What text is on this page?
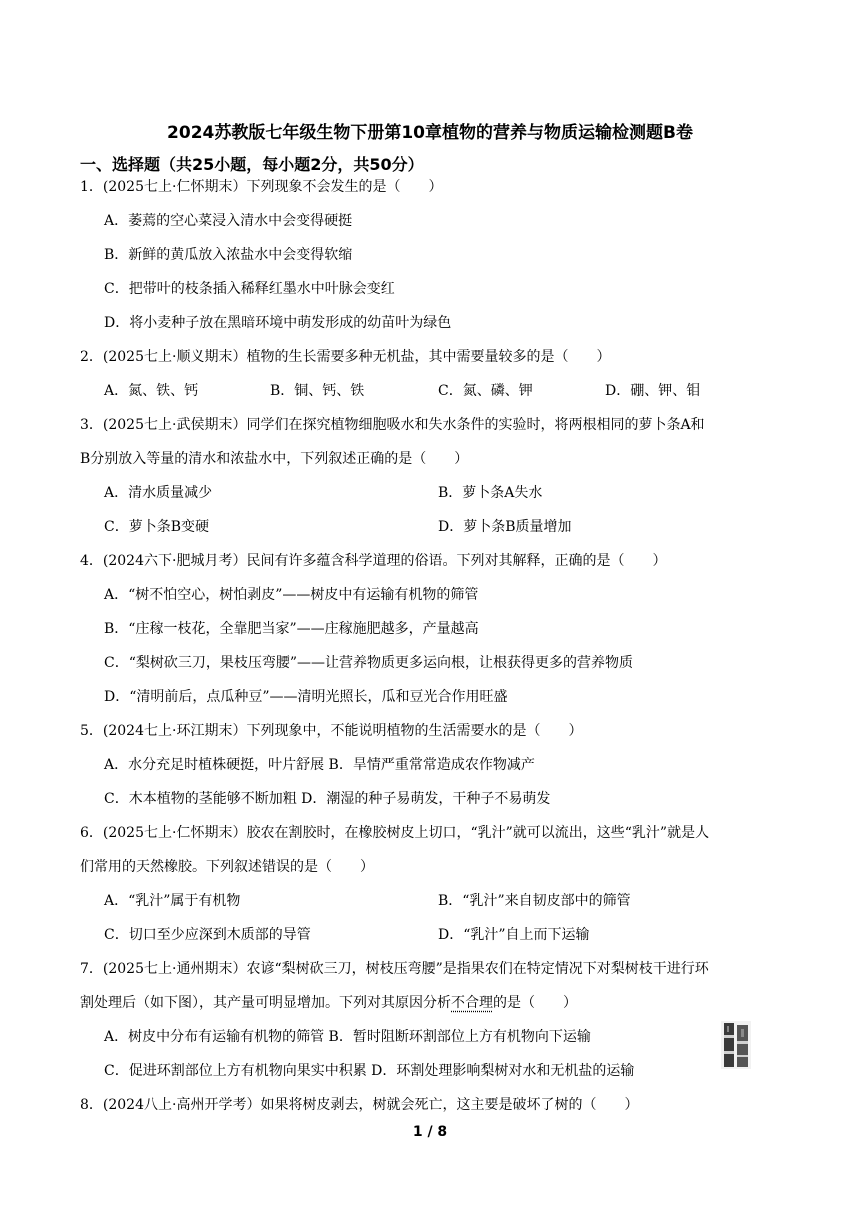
2024苏教版七年级生物下册第10章植物的营养与物质运输检测题B卷
一、选择题（共25小题，每小题2分，共50分）
1．(2025七上·仁怀期末）下列现象不会发生的是（　　）
A．萎蔫的空心菜浸入清水中会变得硬挺
B．新鲜的黄瓜放入浓盐水中会变得软缩
C．把带叶的枝条插入稀释红墨水中叶脉会变红
D．将小麦种子放在黑暗环境中萌发形成的幼苗叶为绿色
2．(2025七上·顺义期末）植物的生长需要多种无机盐，其中需要量较多的是（　　）
A．氮、铁、钙	B．铜、钙、铁	C．氮、磷、钾	D．硼、钾、钼
3．(2025七上·武侯期末）同学们在探究植物细胞吸水和失水条件的实验时，将两根相同的萝卜条A和
B分别放入等量的清水和浓盐水中，下列叙述正确的是（　　）
A．清水质量减少	B．萝卜条A失水
C．萝卜条B变硬	D．萝卜条B质量增加
4．(2024六下·肥城月考）民间有许多蕴含科学道理的俗语。下列对其解释，正确的是（　　）
A．“树不怕空心，树怕剥皮”——树皮中有运输有机物的筛管
B．“庄稼一枝花，全靠肥当家”——庄稼施肥越多，产量越高
C．“梨树砍三刀，果枝压弯腰”——让营养物质更多运向根，让根获得更多的营养物质
D．“清明前后，点瓜种豆”——清明光照长，瓜和豆光合作用旺盛
5．(2024七上·环江期末）下列现象中，不能说明植物的生活需要水的是（　　）
A．水分充足时植株硬挺，叶片舒展 B．旱情严重常常造成农作物减产
C．木本植物的茎能够不断加粗 D．潮湿的种子易萌发，干种子不易萌发
6．(2025七上·仁怀期末）胶农在割胶时，在橡胶树皮上切口，“乳汁”就可以流出，这些“乳汁”就是人
们常用的天然橡胶。下列叙述错误的是（　　）
A．“乳汁”属于有机物	B．“乳汁”来自韧皮部中的筛管
C．切口至少应深到木质部的导管	D．“乳汁”自上而下运输
7．(2025七上·通州期末）农谚“梨树砍三刀，树枝压弯腰”是指果农们在特定情况下对梨树枝干进行环
割处理后（如下图），其产量可明显增加。下列对其原因分析不合理的是（　　）
A．树皮中分布有运输有机物的筛管 B．暂时阻断环割部位上方有机物向下运输
C．促进环割部位上方有机物向果实中积累 D．环割处理影响梨树对水和无机盐的运输
8．(2024八上·高州开学考）如果将树皮剥去，树就会死亡，这主要是破坏了树的（　　）
1 / 8
